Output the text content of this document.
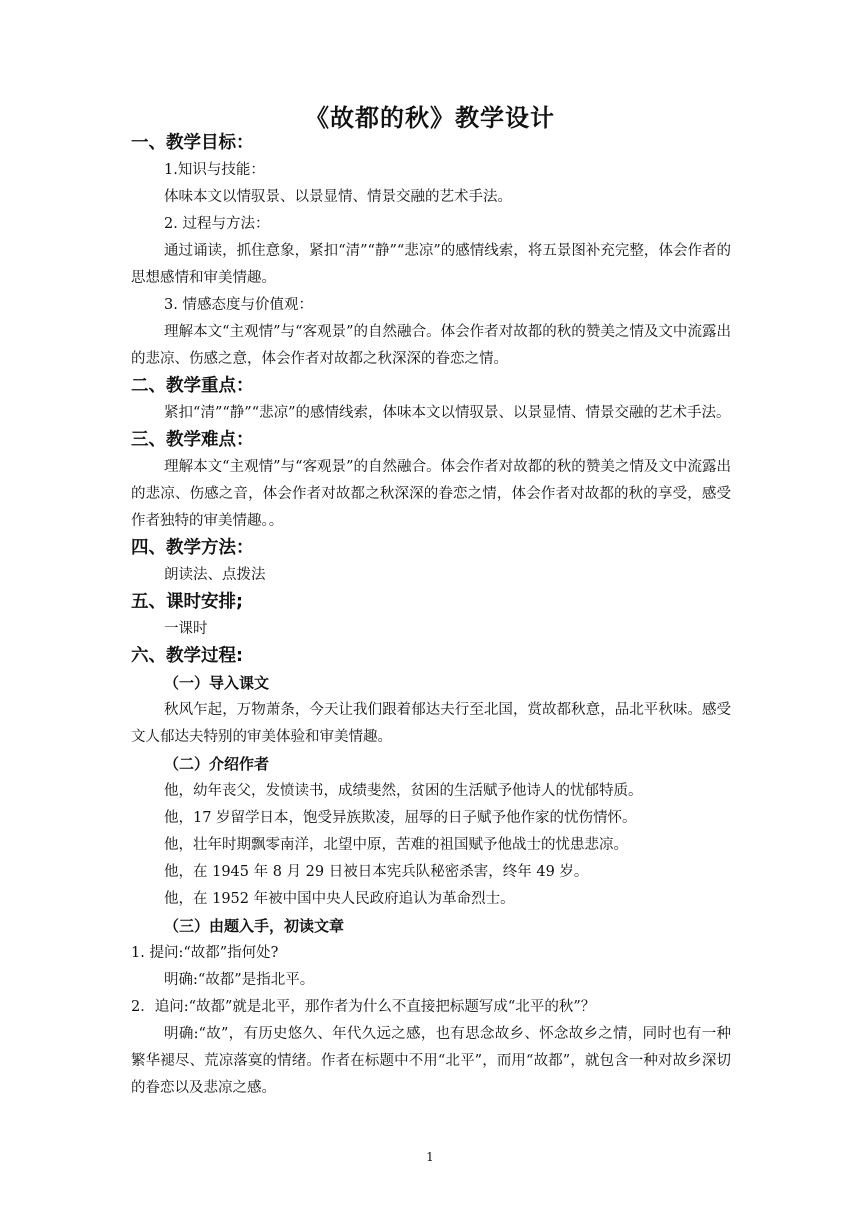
《故都的秋》教学设计
一、教学目标：
1.知识与技能：
体味本文以情驭景、以景显情、情景交融的艺术手法。
2. 过程与方法：
通过诵读，抓住意象，紧扣“清”“静”“悲凉”的感情线索，将五景图补充完整，体会作者的思想感情和审美情趣。
3. 情感态度与价值观：
理解本文“主观情”与“客观景”的自然融合。体会作者对故都的秋的赞美之情及文中流露出的悲凉、伤感之意，体会作者对故都之秋深深的眷恋之情。
二、教学重点：
紧扣“清”“静”“悲凉”的感情线索，体味本文以情驭景、以景显情、情景交融的艺术手法。
三、教学难点：
理解本文“主观情”与“客观景”的自然融合。体会作者对故都的秋的赞美之情及文中流露出的悲凉、伤感之音，体会作者对故都之秋深深的眷恋之情，体会作者对故都的秋的享受，感受作者独特的审美情趣。。
四、教学方法：
朗读法、点拨法
五、课时安排;
一课时
六、教学过程:
（一）导入课文
秋风乍起，万物萧条，今天让我们跟着郁达夫行至北国，赏故都秋意，品北平秋味。感受文人郁达夫特别的审美体验和审美情趣。
（二）介绍作者
他，幼年丧父，发愤读书，成绩斐然，贫困的生活赋予他诗人的忧郁特质。
他，17 岁留学日本，饱受异族欺凌，屈辱的日子赋予他作家的忧伤情怀。
他，壮年时期飘零南洋，北望中原，苦难的祖国赋予他战士的忧患悲凉。
他，在 1945 年 8 月 29 日被日本宪兵队秘密杀害，终年 49 岁。
他，在 1952 年被中国中央人民政府追认为革命烈士。
（三）由题入手，初读文章
1. 提问:“故都”指何处?
明确:“故都”是指北平。
2．追问:“故都”就是北平，那作者为什么不直接把标题写成“北平的秋”？
明确:“故”，有历史悠久、年代久远之感，也有思念故乡、怀念故乡之情，同时也有一种繁华褪尽、荒凉落寞的情绪。作者在标题中不用“北平”，而用“故都”，就包含一种对故乡深切的眷恋以及悲凉之感。
1
